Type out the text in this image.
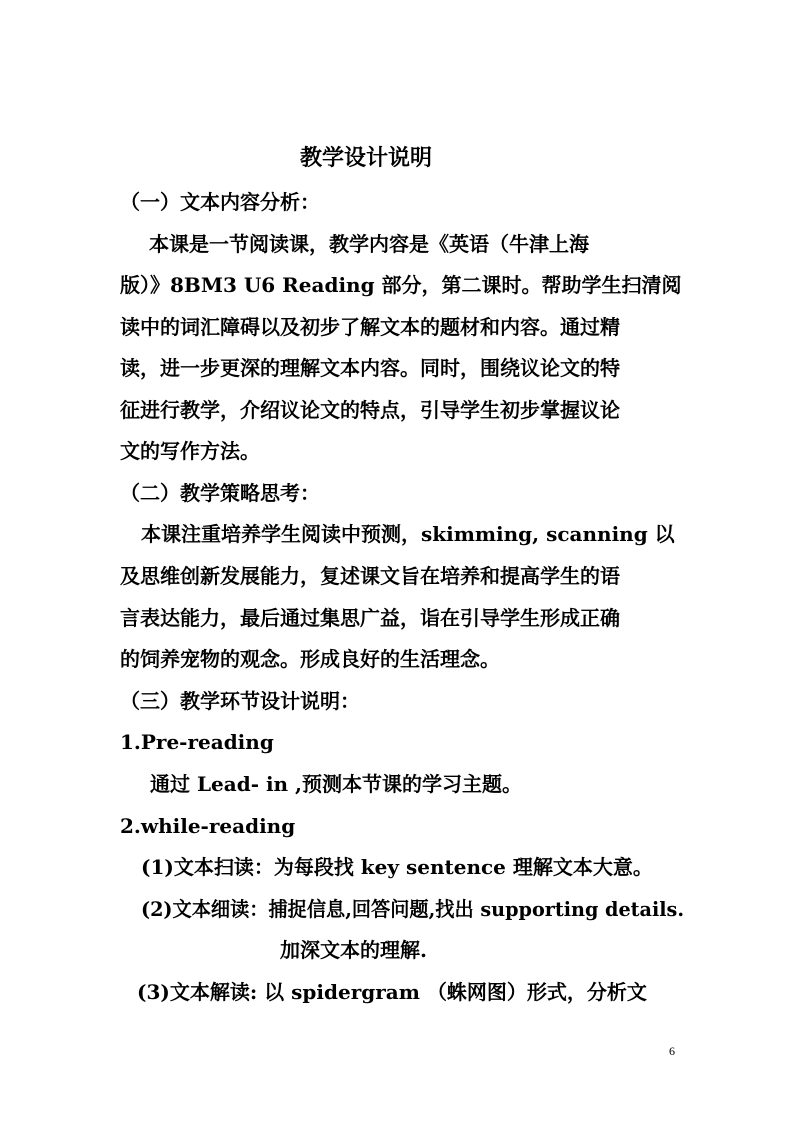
教学设计说明
（一）文本内容分析：
本课是一节阅读课，教学内容是《英语（牛津上海
版）》8BM3 U6 Reading 部分，第二课时。帮助学生扫清阅
读中的词汇障碍以及初步了解文本的题材和内容。通过精
读，进一步更深的理解文本内容。同时，围绕议论文的特
征进行教学，介绍议论文的特点，引导学生初步掌握议论
文的写作方法。
（二）教学策略思考：
本课注重培养学生阅读中预测，skimming, scanning 以
及思维创新发展能力，复述课文旨在培养和提高学生的语
言表达能力，最后通过集思广益，诣在引导学生形成正确
的饲养宠物的观念。形成良好的生活理念。
（三）教学环节设计说明：
1.Pre-reading
通过 Lead- in ,预测本节课的学习主题。
2.while-reading
(1)文本扫读：为每段找 key sentence 理解文本大意。
(2)文本细读：捕捉信息,回答问题,找出 supporting details.
加深文本的理解.
(3)文本解读: 以 spidergram （蛛网图）形式，分析文
6
